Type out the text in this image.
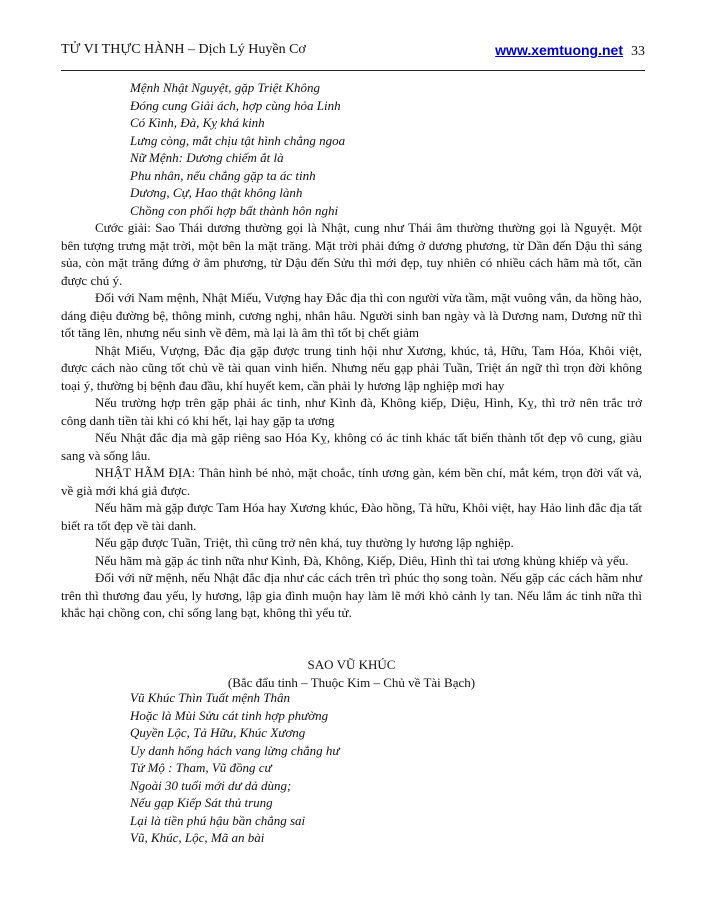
TỬ VI THỰC HÀNH – Dịch Lý Huyền Cơ	www.xemtuong.net 33
Mệnh Nhật Nguyệt, gặp Triệt Không
Đóng cung Giải ách, hợp cùng hỏa Linh
Có Kình, Đà, Kỵ khá kinh
Lưng còng, mắt chịu tật hình chẳng ngoa
Nữ Mệnh: Dương chiếm ắt là
Phu nhân, nếu chẳng gặp ta ác tinh
Dương, Cự, Hao thật không lành
Chồng con phối hợp bất thành hôn nghi

Cước giải: Sao Thái dương thường gọi là Nhật, cung như Thái âm thường thường gọi là Nguyệt. Một bên tượng trưng mặt trời, một bên la mặt trăng. Mặt trời phải đứng ở dương phương, từ Dần đến Dậu thì sáng sủa, còn mặt trăng đứng ở âm phương, từ Dậu đến Sửu thì mới đẹp, tuy nhiên có nhiều cách hãm mà tốt, cần được chú ý.

Đối với Nam mệnh, Nhật Miếu, Vượng hay Đắc địa thì con người vừa tầm, mặt vuông vắn, da hồng hào, dáng điệu đường bệ, thông minh, cương nghị, nhân hâu. Người sinh ban ngày và là Dương nam, Dương nữ thì tốt tăng lên, nhưng nếu sinh về đêm, mà lại là âm thì tốt bị chết giảm

Nhật Miếu, Vượng, Đắc địa gặp được trung tinh hội như Xương, khúc, tả, Hữu, Tam Hóa, Khôi việt, được cách nào cũng tốt chủ về tài quan vinh hiển. Nhưng nếu gạp phải Tuần, Triệt án ngữ thì trọn đời không toại ý, thường bị bệnh đau đầu, khí huyết kem, cần phải ly hương lập nghiệp mơi hay

Nếu trường hợp trên gặp phải ác tinh, như Kình đà, Không kiếp, Diệu, Hình, Kỵ, thì trở nên trắc trở công danh tiền tài khi có khi hết, lại hay gặp ta ương

Nếu Nhật đắc địa mà gặp riêng sao Hóa Kỵ, không có ác tinh khác tất biến thành tốt đẹp vô cung, giàu sang và sống lâu.

NHẬT HÃM ĐỊA: Thân hình bé nhỏ, mặt choắc, tính ương gàn, kém bền chí, mắt kém, trọn đời vất vả, về già mới khá giả được.

Nếu hãm mà gặp được Tam Hóa hay Xương khúc, Đào hồng, Tả hữu, Khôi việt, hay Hảo linh đắc địa tất biết ra tốt đẹp về tài danh.

Nếu gặp được Tuần, Triệt, thì cũng trở nên khá, tuy thường ly hương lập nghiệp.

Nếu hãm mà gặp ác tinh nữa như Kình, Đà, Không, Kiếp, Diêu, Hình thì tai ương khủng khiếp và yểu.

Đối với nữ mệnh, nếu Nhật đắc địa như các cách trên trì phúc thọ song toàn. Nếu gặp các cách hãm như trên thì thương đau yếu, ly hương, lập gia đình muộn hay làm lẽ mới khỏ cảnh ly tan. Nếu lắm ác tinh nữa thì khắc hại chồng con, chỉ sống lang bạt, không thì yểu tử.

SAO VŨ KHÚC
(Bắc đẩu tinh – Thuộc Kim – Chủ về Tài Bạch)
Vũ Khúc Thìn Tuất mệnh Thân
Hoặc là Mùi Sửu cát tinh hợp phường
Quyền Lộc, Tả Hữu, Khúc Xương
Uy danh hống hách vang lừng chẳng hư
Tứ Mộ : Tham, Vũ đồng cư
Ngoài 30 tuổi mới dư dả dùng;
Nếu gạp Kiếp Sát thủ trung
Lại là tiền phú hậu bần chẳng sai
Vũ, Khúc, Lộc, Mã an bài
